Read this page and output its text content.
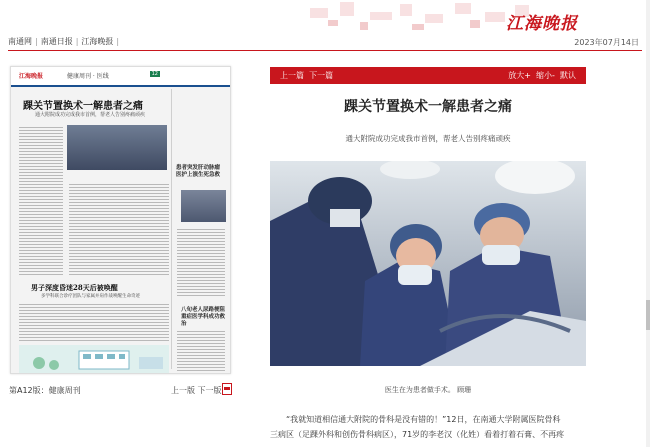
江海晚报
南通网 | 南通日报 | 江海晚报 |	2023年07月14日
江海晚报	健康周刊 · 医线	12
踝关节置换术一解患者之痛
通大附院成功完成我市首例，帮老人告别疼痛顽疾
患者突发肝动脉瘤 医护上演生死急救
男子深度昏迷28天后被唤醒
多学科联合诊疗团队与家属并肩作战唤醒生命奇迹
八旬老人尿路梗阻 重症医学科成功救治
第A12版：健康周刊	上一版 下一版
上一篇 下一篇	放大+ 缩小- 默认
踝关节置换术一解患者之痛
通大附院成功完成我市首例，帮老人告别疼痛顽疾
医生在为患者做手术。 顾珊
“我就知道相信通大附院的骨科是没有错的！”12日，在南通大学附属医院骨科
三病区（足踝外科和创伤骨科病区），71岁的李老汉（化姓）看着打着石膏、不再疼
